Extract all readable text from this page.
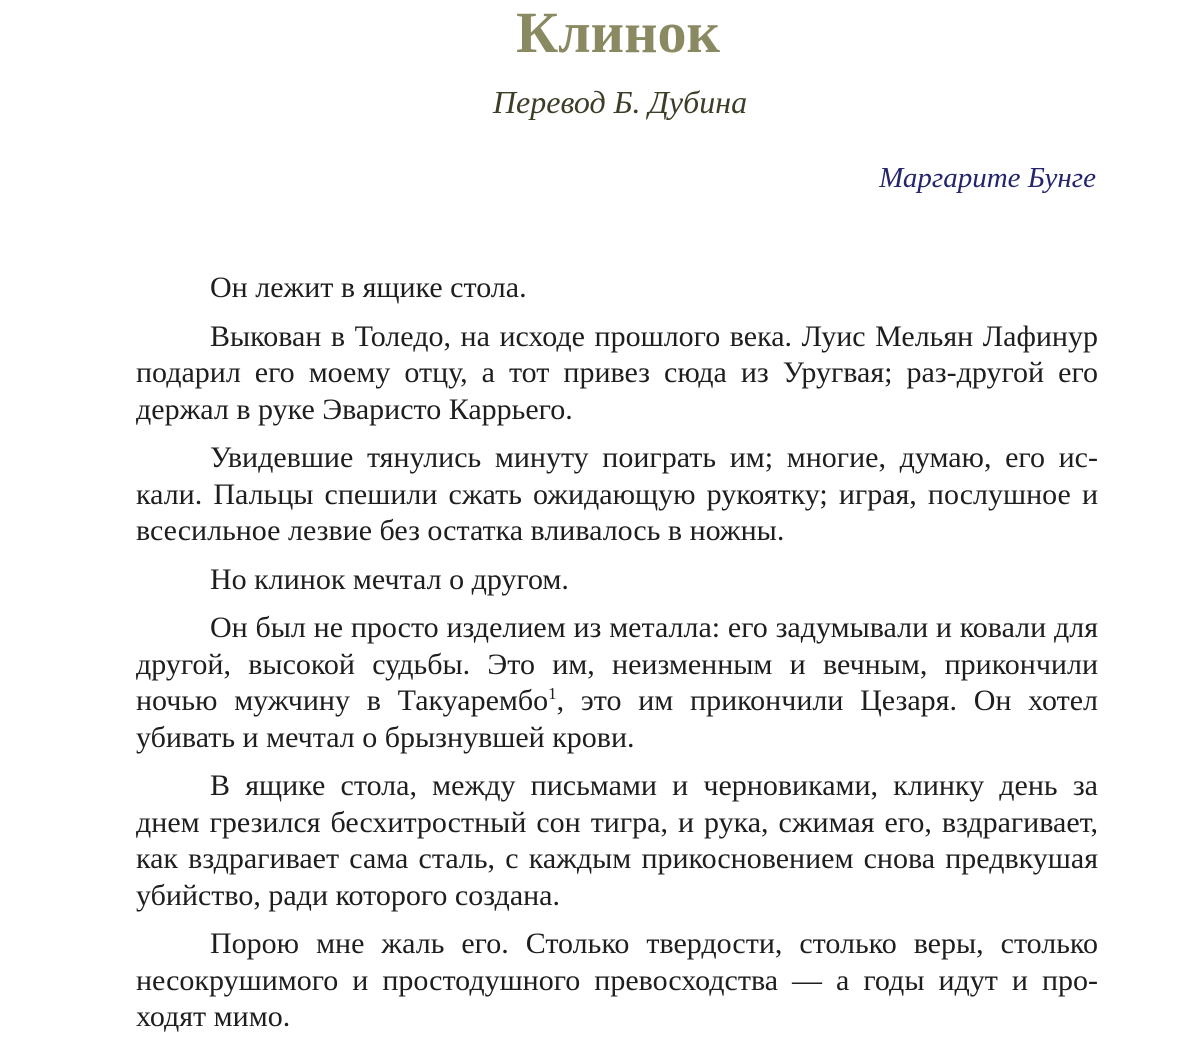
Клинок
Перевод Б. Дубина
Маргарите Бунге

Он лежит в ящике стола.

Выкован в Толедо, на исходе прошлого века. Луис Мельян Лафинур подарил его моему отцу, а тот привез сюда из Уругвая; раз-другой его держал в руке Эваристо Каррьего.

Увидевшие тянулись минуту поиграть им; многие, думаю, его искали. Пальцы спешили сжать ожидающую рукоятку; играя, послушное и всесильное лезвие без остатка вливалось в ножны.

Но клинок мечтал о другом.

Он был не просто изделием из металла: его задумывали и ковали для другой, высокой судьбы. Это им, неизменным и вечным, прикончили ночью мужчину в Такуарембо$^1$, это им прикончили Цезаря. Он хотел убивать и мечтал о брызнувшей крови.

В ящике стола, между письмами и черновиками, клинку день за днем грезился бесхитростный сон тигра, и рука, сжимая его, вздрагивает, как вздрагивает сама сталь, с каждым прикосновением снова предвкушая убийство, ради которого создана.

Порою мне жаль его. Столько твердости, столько веры, столько несокрушимого и простодушного превосходства — а годы идут и проходят мимо.
